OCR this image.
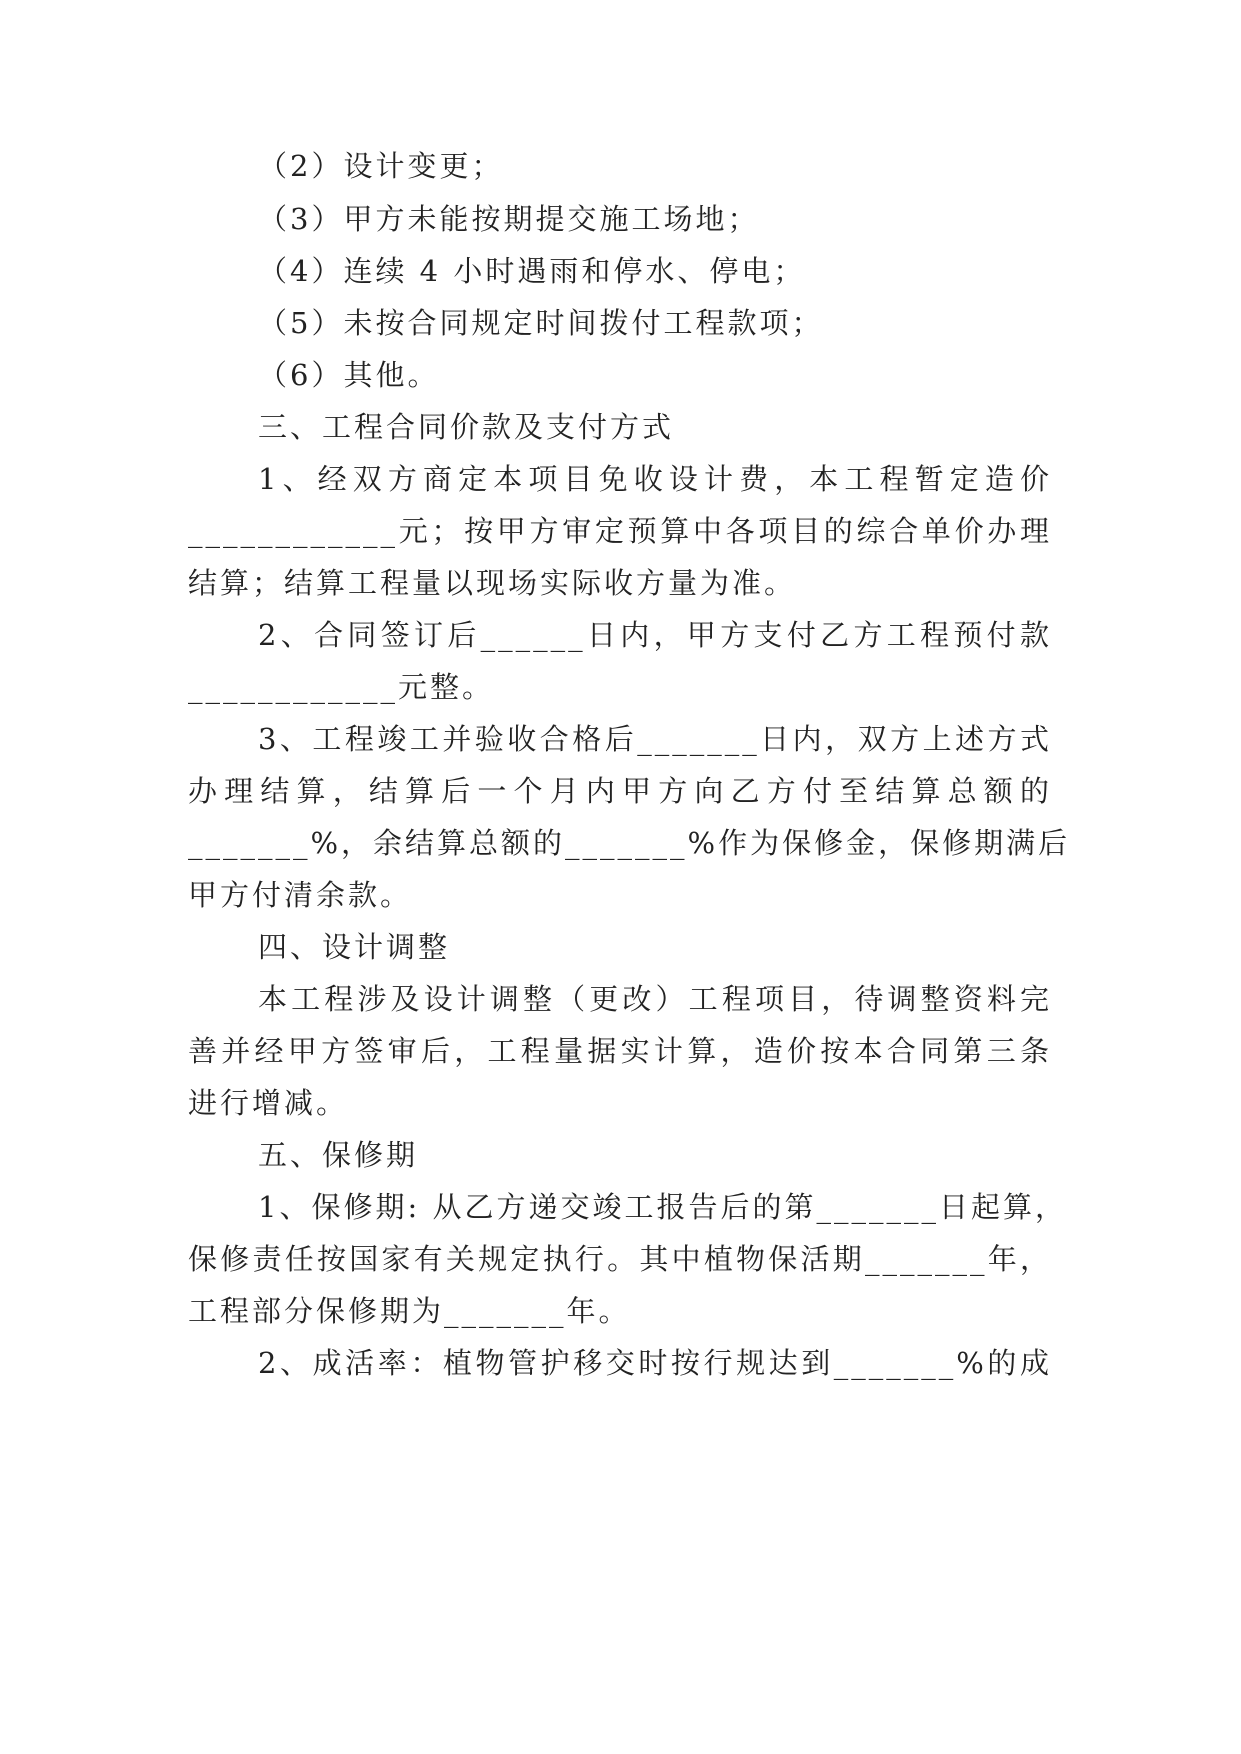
（2）设计变更；
（3）甲方未能按期提交施工场地；
（4）连续 4 小时遇雨和停水、停电；
（5）未按合同规定时间拨付工程款项；
（6）其他。
三、工程合同价款及支付方式
1、经双方商定本项目免收设计费，本工程暂定造价
____________元；按甲方审定预算中各项目的综合单价办理
结算；结算工程量以现场实际收方量为准。
2、合同签订后______日内，甲方支付乙方工程预付款
____________元整。
3、工程竣工并验收合格后_______日内，双方上述方式
办理结算，结算后一个月内甲方向乙方付至结算总额的
_______%，余结算总额的_______%作为保修金，保修期满后
甲方付清余款。
四、设计调整
本工程涉及设计调整（更改）工程项目，待调整资料完
善并经甲方签审后，工程量据实计算，造价按本合同第三条
进行增减。
五、保修期
1、保修期: 从乙方递交竣工报告后的第_______日起算，
保修责任按国家有关规定执行。其中植物保活期_______年，
工程部分保修期为_______年。
2、成活率：植物管护移交时按行规达到_______%的成
